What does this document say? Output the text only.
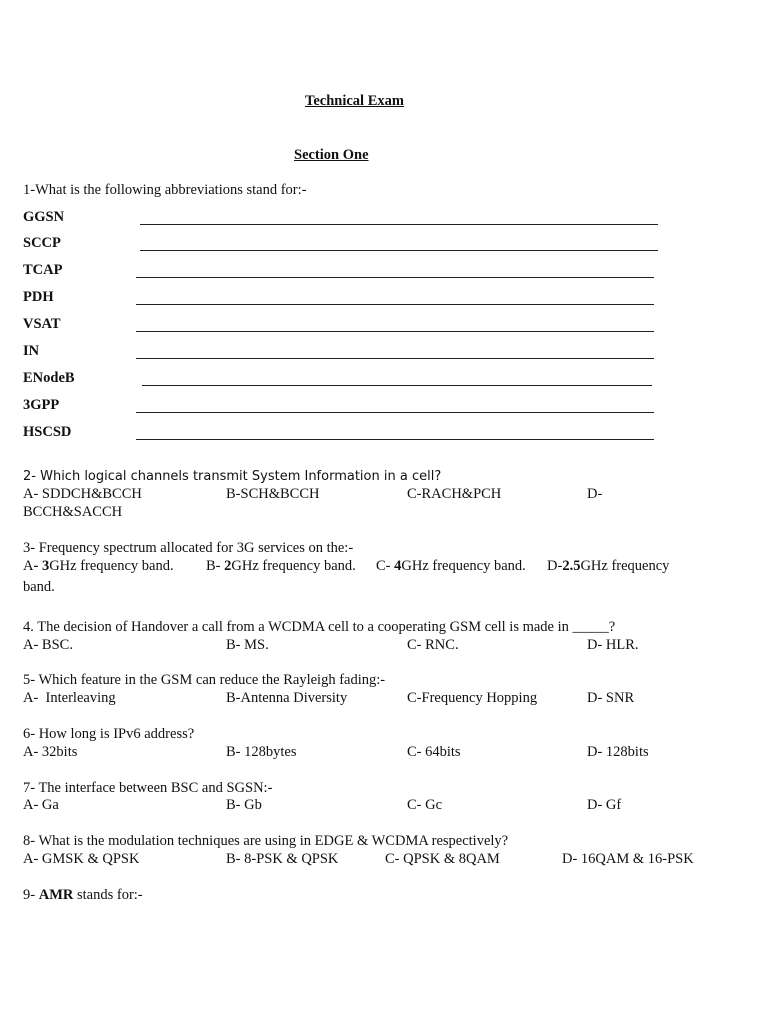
Technical Exam
Section One
1-What is the following abbreviations stand for:-
GGSN
SCCP
TCAP
PDH
VSAT
IN
ENodeB
3GPP
HSCSD
2- Which logical channels transmit System Information in a cell?
A- SDDCH&BCCH	B-SCH&BCCH	C-RACH&PCH	D-
BCCH&SACCH
3- Frequency spectrum allocated for 3G services on the:-
A- 3GHz frequency band. B- 2GHz frequency band. C- 4GHz frequency band. D-2.5GHz frequency
band.
4. The decision of Handover a call from a WCDMA cell to a cooperating GSM cell is made in _____?
A- BSC.	B- MS.	C- RNC.	D- HLR.
5- Which feature in the GSM can reduce the Rayleigh fading:-
A-  Interleaving	B-Antenna Diversity	C-Frequency Hopping	D- SNR
6- How long is IPv6 address?
A- 32bits	B- 128bytes	C- 64bits	D- 128bits
7- The interface between BSC and SGSN:-
A- Ga	B- Gb	C- Gc	D- Gf
8- What is the modulation techniques are using in EDGE & WCDMA respectively?
A- GMSK & QPSK	B- 8-PSK & QPSK	C- QPSK & 8QAM	D- 16QAM & 16-PSK
9- AMR stands for:-
